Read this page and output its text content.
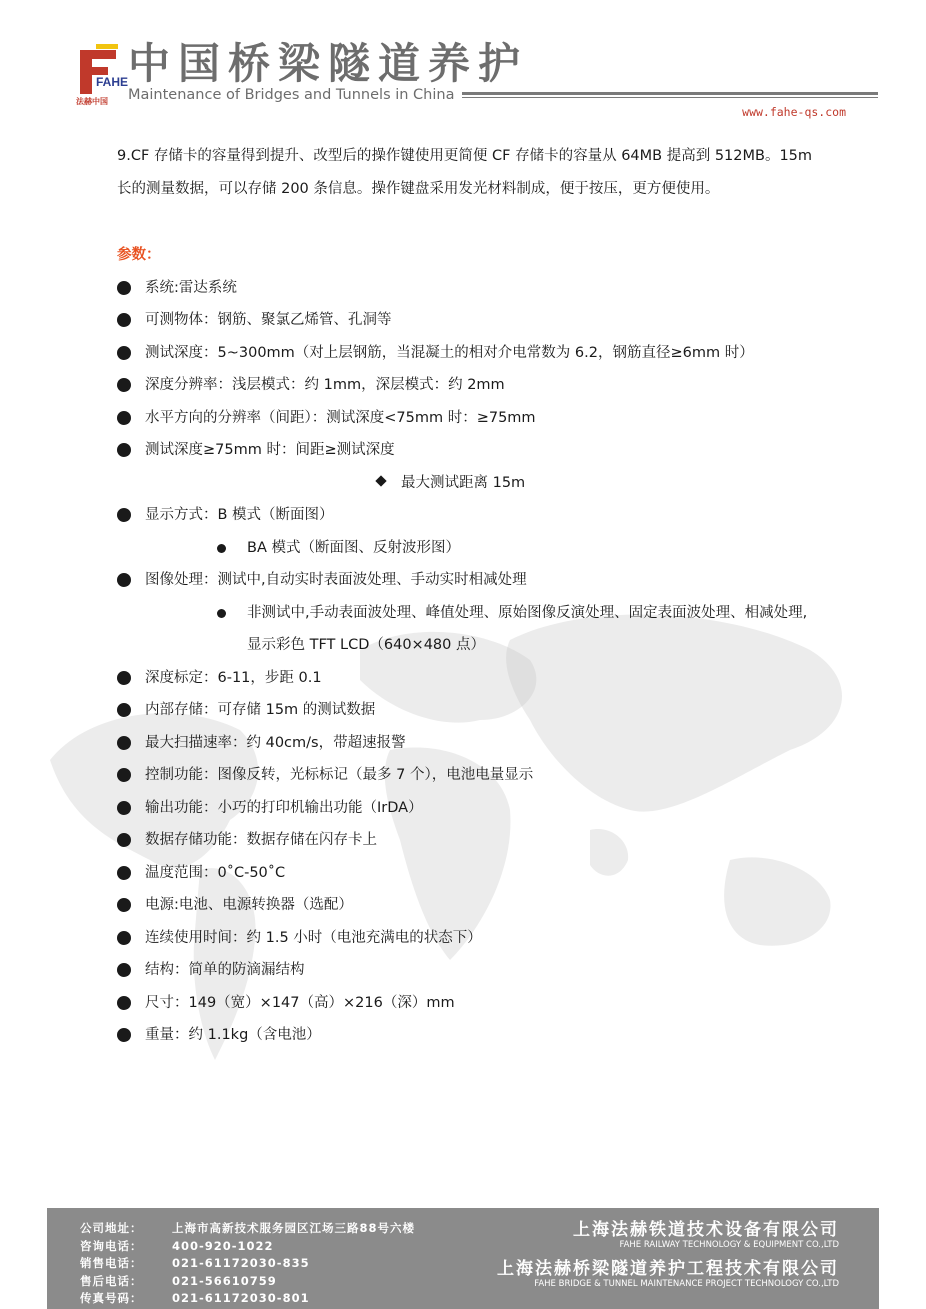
FAHE
法赫中国
中国桥梁隧道养护
Maintenance of Bridges and Tunnels in China
www.fahe-qs.com

9.CF 存储卡的容量得到提升、改型后的操作键使用更简便 CF 存储卡的容量从 64MB 提高到 512MB。15m 长的测量数据，可以存储 200 条信息。操作键盘采用发光材料制成，便于按压，更方便使用。

参数：

系统:雷达系统

可测物体：钢筋、聚氯乙烯管、孔洞等

测试深度：5~300mm（对上层钢筋，当混凝土的相对介电常数为 6.2，钢筋直径≥6mm 时）

深度分辨率：浅层模式：约 1mm，深层模式：约 2mm

水平方向的分辨率（间距）：测试深度<75mm 时：≥75mm

测试深度≥75mm 时：间距≥测试深度

最大测试距离 15m

显示方式：B 模式（断面图）

BA 模式（断面图、反射波形图）

图像处理：测试中,自动实时表面波处理、手动实时相减处理

非测试中,手动表面波处理、峰值处理、原始图像反演处理、固定表面波处理、相减处理,显示彩色 TFT LCD（640×480 点）

深度标定：6-11，步距 0.1

内部存储：可存储 15m 的测试数据

最大扫描速率：约 40cm/s，带超速报警

控制功能：图像反转，光标标记（最多 7 个），电池电量显示

输出功能：小巧的打印机输出功能（IrDA）

数据存储功能：数据存储在闪存卡上

温度范围：0˚C-50˚C

电源:电池、电源转换器（选配）

连续使用时间：约 1.5 小时（电池充满电的状态下）

结构：简单的防滴漏结构

尺寸：149（宽）×147（高）×216（深）mm

重量：约 1.1kg（含电池）

公司地址：	上海市高新技术服务园区江场三路88号六楼
咨询电话：	400-920-1022
销售电话：	021-61172030-835
售后电话：	021-56610759
传真号码：	021-61172030-801
上海法赫铁道技术设备有限公司
FAHE RAILWAY TECHNOLOGY & EQUIPMENT CO.,LTD
上海法赫桥梁隧道养护工程技术有限公司
FAHE BRIDGE & TUNNEL MAINTENANCE PROJECT TECHNOLOGY CO.,LTD
